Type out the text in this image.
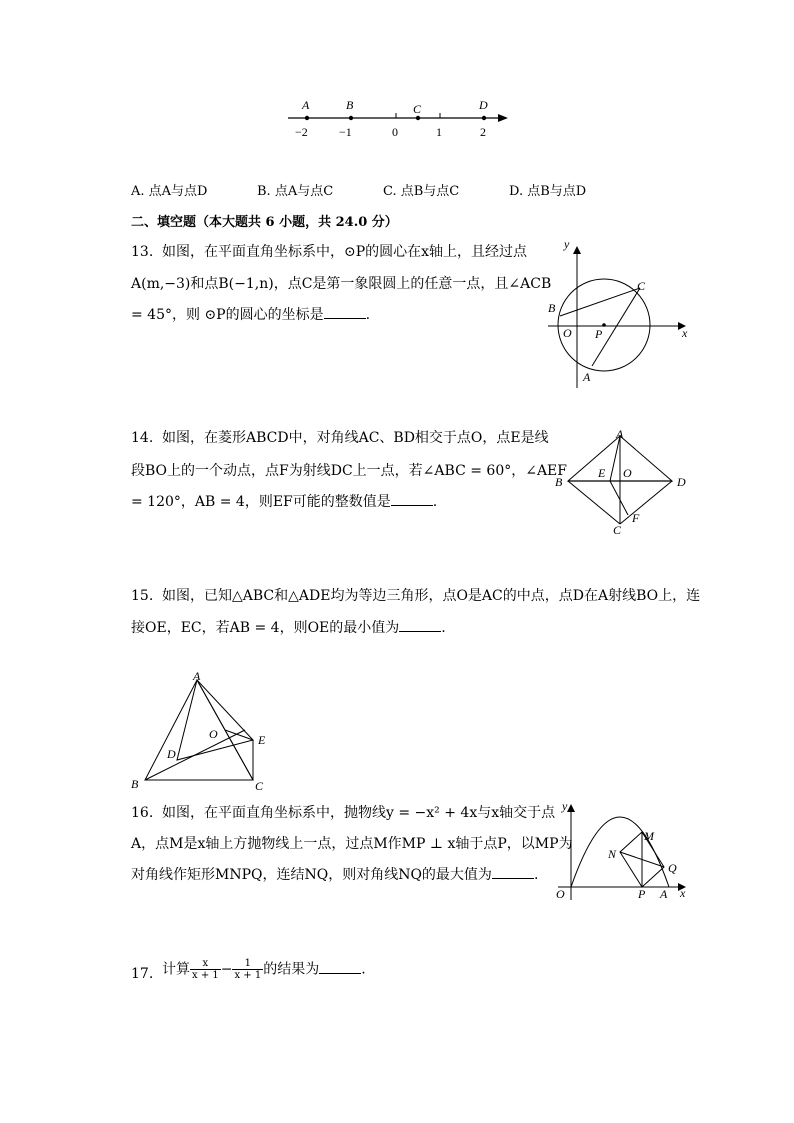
A	B	C	D
−2	−1	0	1	2
A. 点A与点D	B. 点A与点C	C. 点B与点C	D. 点B与点D
二、填空题（本大题共 6 小题，共 24.0 分）
13. 如图，在平面直角坐标系中，⊙P的圆心在x轴上，且经过点
A(m,−3)和点B(−1,n)，点C是第一象限圆上的任意一点，且∠ACB
= 45°，则 ⊙P的圆心的坐标是	.
y
x
B
C
O P
A
14. 如图，在菱形ABCD中，对角线AC、BD相交于点O，点E是线
段BO上的一个动点，点F为射线DC上一点，若∠ABC = 60°，∠AEF
= 120°，AB = 4，则EF可能的整数值是	.
A
B	D
E O
C
F
15. 如图，已知△ABC和△ADE均为等边三角形，点O是AC的中点，点D在A射线BO上，连
接OE，EC，若AB = 4，则OE的最小值为	.
A
B	C
D
E
O
16. 如图，在平面直角坐标系中，抛物线y = −x² + 4x与x轴交于点
A，点M是x轴上方抛物线上一点，过点M作MP ⊥ x轴于点P，以MP为
对角线作矩形MNPQ，连结NQ，则对角线NQ的最大值为	.
y
x
O
M
N
Q
P A
17. 计算 $\frac{x}{x + 1} - \frac{1}{x + 1}$ 的结果为	.
